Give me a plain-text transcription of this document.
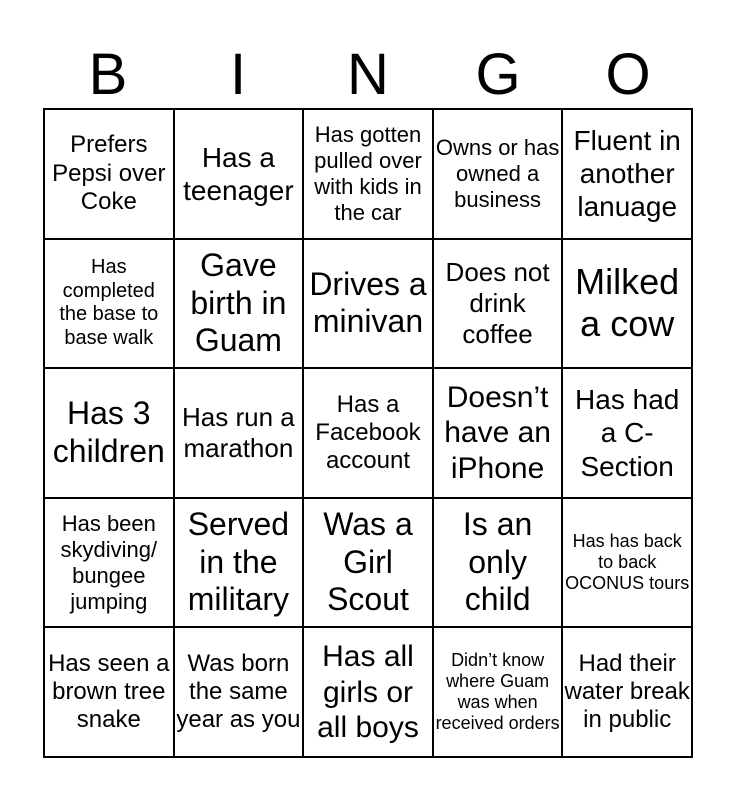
B	I	N	G	O
Prefers Pepsi over Coke
Has a teenager
Has gotten pulled over with kids in the car
Owns or has owned a business
Fluent in another lanuage
Has completed the base to base walk
Gave birth in Guam
Drives a minivan
Does not drink coffee
Milked a cow
Has 3 children
Has run a marathon
Has a Facebook account
Doesn’t have an iPhone
Has had a C-Section
Has been skydiving/ bungee jumping
Served in the military
Was a Girl Scout
Is an only child
Has has back to back OCONUS tours
Has seen a brown tree snake
Was born the same year as you
Has all girls or all boys
Didn’t know where Guam was when received orders
Had their water break in public
